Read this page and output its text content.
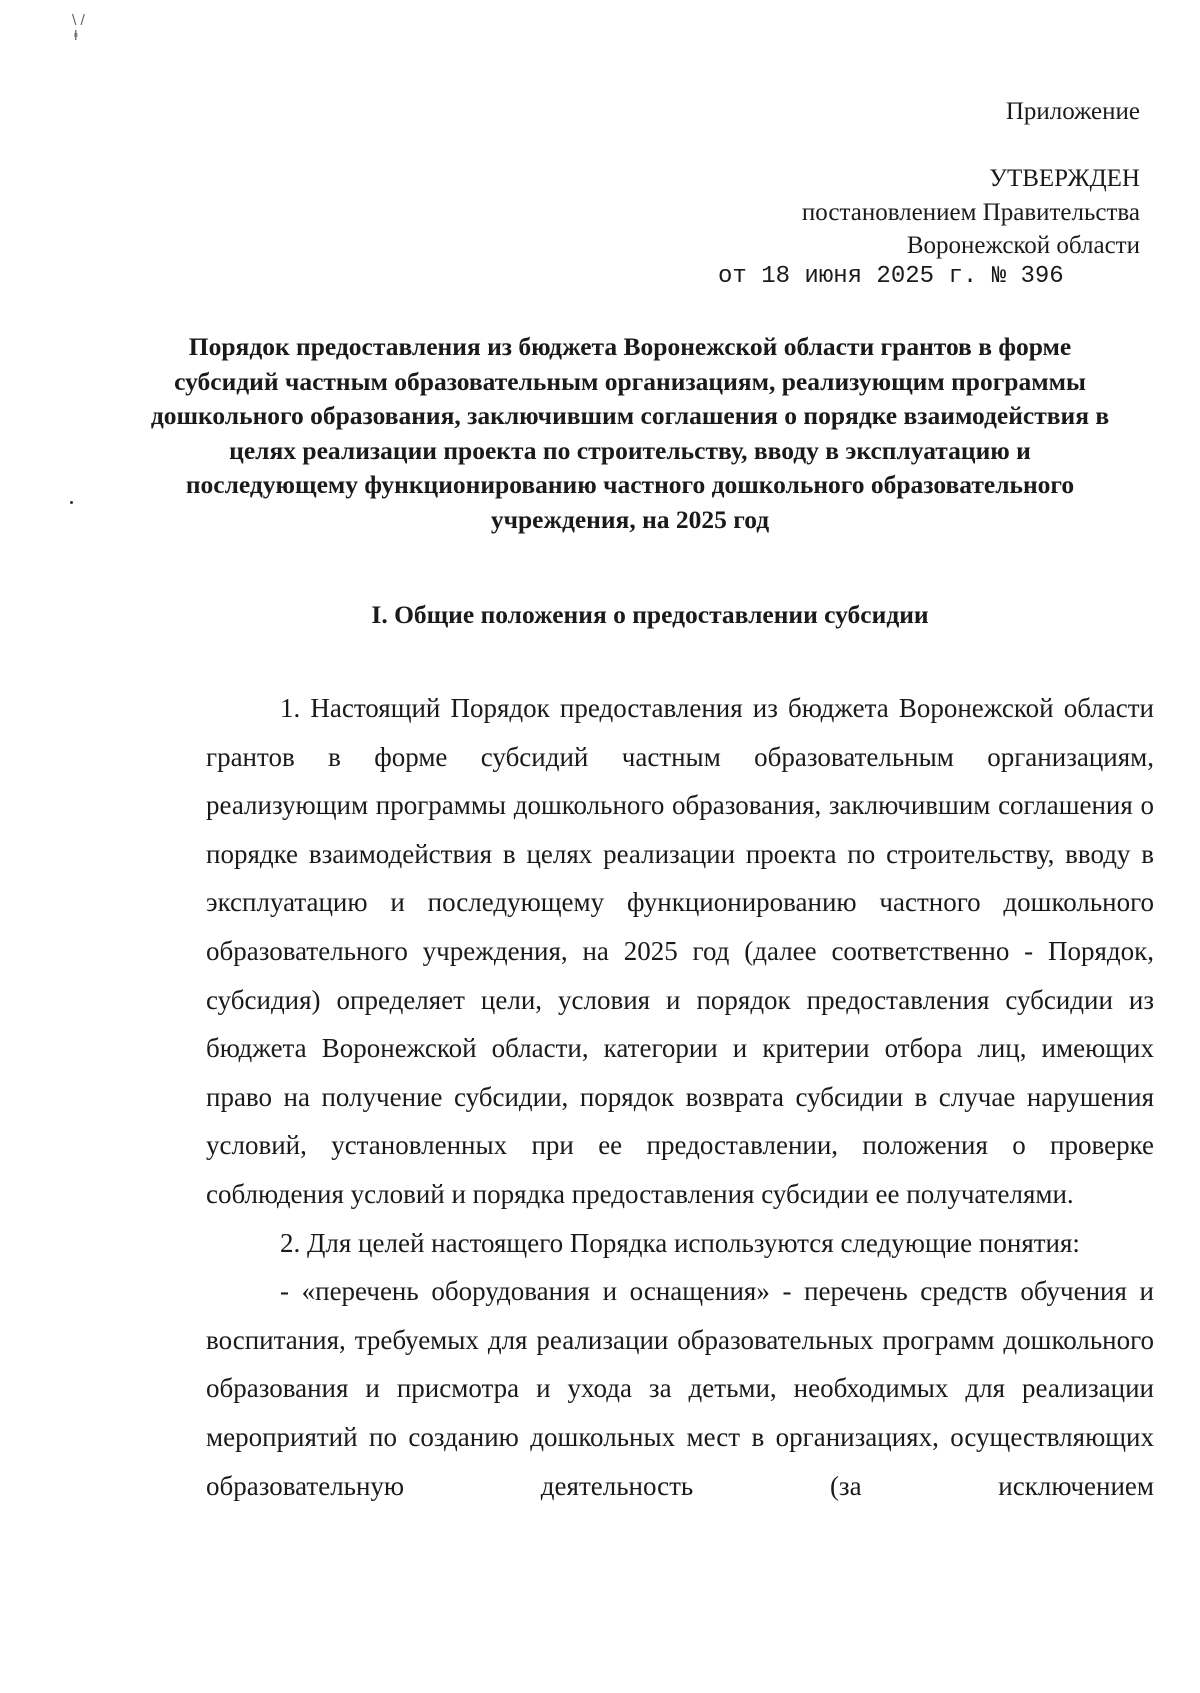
\ /
ⱡ
Приложение
УТВЕРЖДЕН
постановлением Правительства
Воронежской области
от 18 июня 2025 г. № 396
Порядок предоставления из бюджета Воронежской области грантов в форме субсидий частным образовательным организациям, реализующим программы дошкольного образования, заключившим соглашения о порядке взаимодействия в целях реализации проекта по строительству, вводу в эксплуатацию и последующему функционированию частного дошкольного образовательного учреждения, на 2025 год
I. Общие положения о предоставлении субсидии

1. Настоящий Порядок предоставления из бюджета Воронежской области грантов в форме субсидий частным образовательным организациям, реализующим программы дошкольного образования, заключившим соглашения о порядке взаимодействия в целях реализации проекта по строительству, вводу в эксплуатацию и последующему функционированию частного дошкольного образовательного учреждения, на 2025 год (далее соответственно - Порядок, субсидия) определяет цели, условия и порядок предоставления субсидии из бюджета Воронежской области, категории и критерии отбора лиц, имеющих право на получение субсидии, порядок возврата субсидии в случае нарушения условий, установленных при ее предоставлении, положения о проверке соблюдения условий и порядка предоставления субсидии ее получателями.

2. Для целей настоящего Порядка используются следующие понятия:

- «перечень оборудования и оснащения» - перечень средств обучения и воспитания, требуемых для реализации образовательных программ дошкольного образования и присмотра и ухода за детьми, необходимых для реализации мероприятий по созданию дошкольных мест в организациях, осуществляющих образовательную деятельность (за исключением
